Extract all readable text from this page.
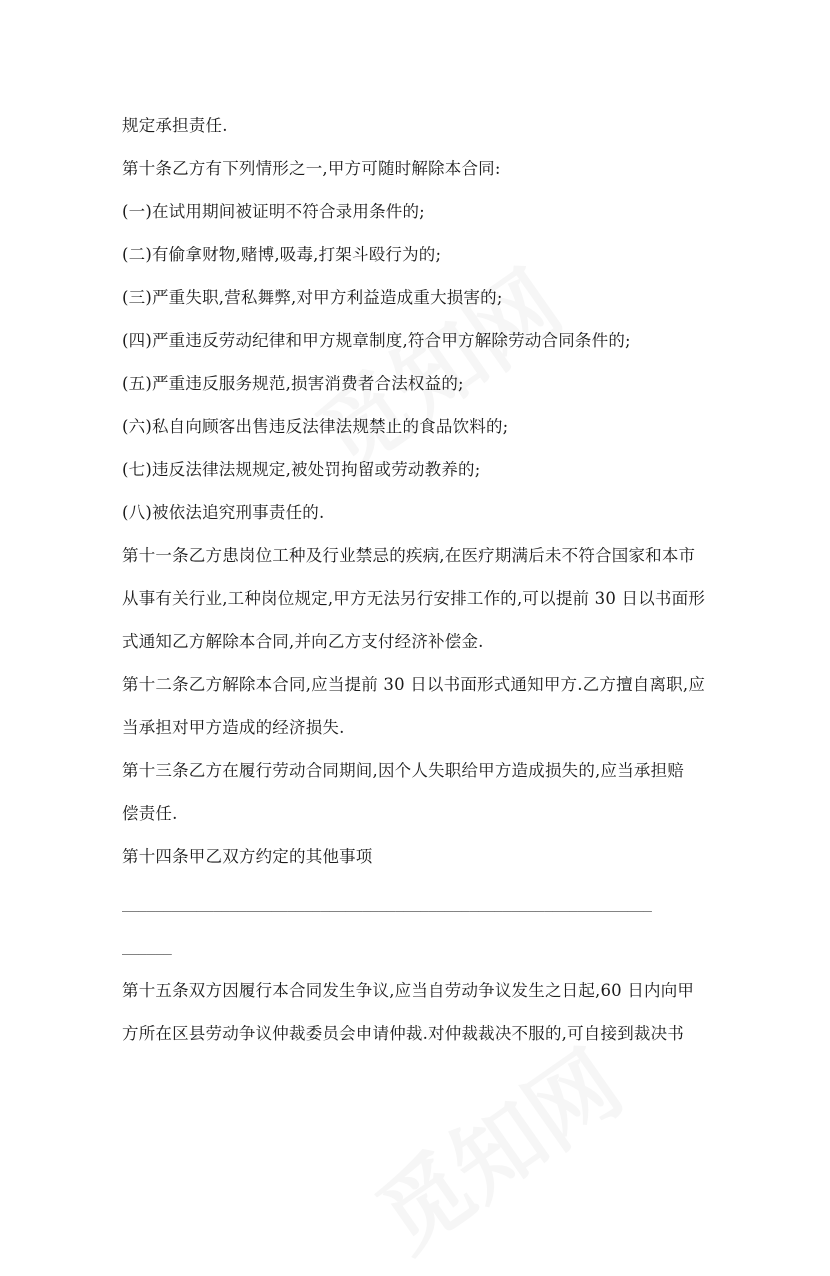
规定承担责任.
第十条乙方有下列情形之一,甲方可随时解除本合同:
(一)在试用期间被证明不符合录用条件的;
(二)有偷拿财物,赌博,吸毒,打架斗殴行为的;
(三)严重失职,营私舞弊,对甲方利益造成重大损害的;
(四)严重违反劳动纪律和甲方规章制度,符合甲方解除劳动合同条件的;
(五)严重违反服务规范,损害消费者合法权益的;
(六)私自向顾客出售违反法律法规禁止的食品饮料的;
(七)违反法律法规规定,被处罚拘留或劳动教养的;
(八)被依法追究刑事责任的.
第十一条乙方患岗位工种及行业禁忌的疾病,在医疗期满后未不符合国家和本市
从事有关行业,工种岗位规定,甲方无法另行安排工作的,可以提前 30 日以书面形
式通知乙方解除本合同,并向乙方支付经济补偿金.
第十二条乙方解除本合同,应当提前 30 日以书面形式通知甲方.乙方擅自离职,应
当承担对甲方造成的经济损失.
第十三条乙方在履行劳动合同期间,因个人失职给甲方造成损失的,应当承担赔
偿责任.
第十四条甲乙双方约定的其他事项
________________________________________________________________
______
第十五条双方因履行本合同发生争议,应当自劳动争议发生之日起,60 日内向甲
方所在区县劳动争议仲裁委员会申请仲裁.对仲裁裁决不服的,可自接到裁决书
